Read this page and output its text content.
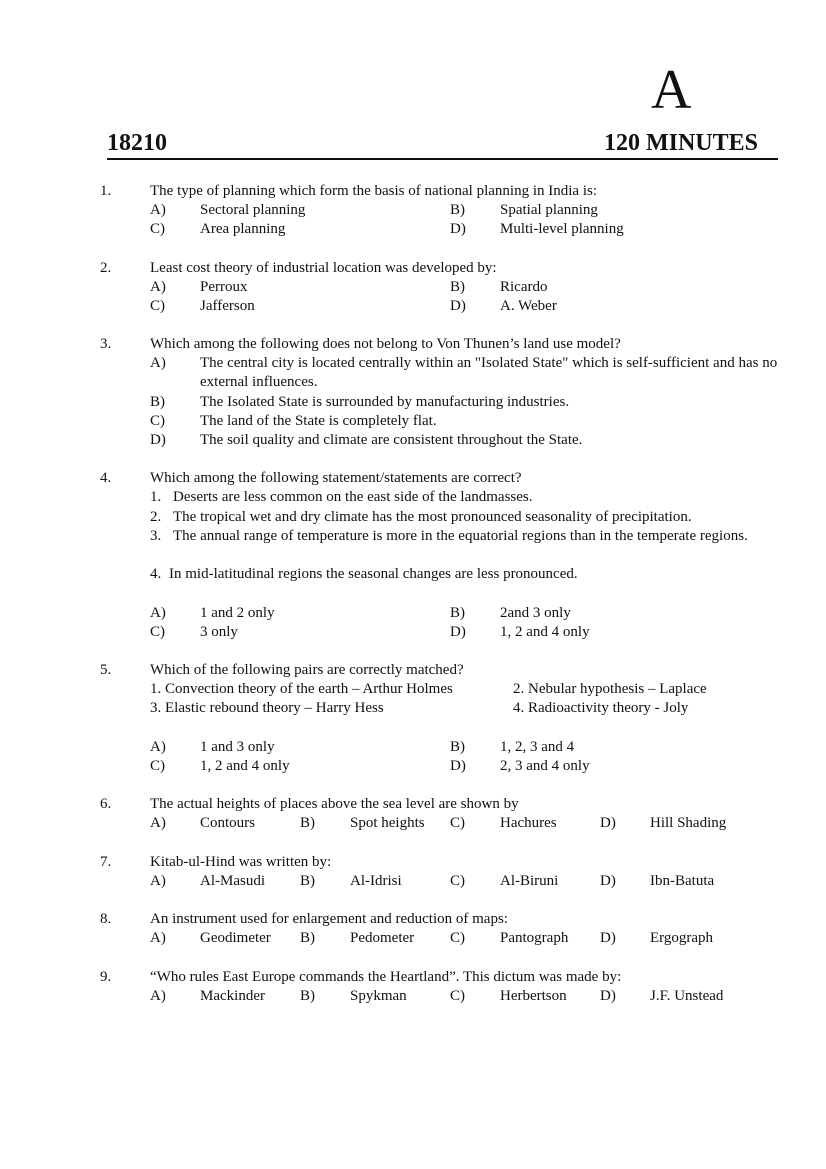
A
18210	120 MINUTES
1.	The type of planning which form the basis of national planning in India is:
A) Sectoral planning	B) Spatial planning
C) Area planning	D) Multi-level planning
2.	Least cost theory of industrial location was developed by:
A) Perroux	B) Ricardo
C) Jafferson	D) A. Weber
3.	Which among the following does not belong to Von Thunen’s land use model?
A) The central city is located centrally within an "Isolated State" which is self-sufficient and has no external influences.
B) The Isolated State is surrounded by manufacturing industries.
C) The land of the State is completely flat.
D) The soil quality and climate are consistent throughout the State.
4.	Which among the following statement/statements are correct?
1. Deserts are less common on the east side of the landmasses.
2. The tropical wet and dry climate has the most pronounced seasonality of precipitation.
3. The annual range of temperature is more in the equatorial regions than in the temperate regions.
4. In mid-latitudinal regions the seasonal changes are less pronounced.
A) 1 and 2 only	B) 2and 3 only
C) 3 only	D) 1, 2 and 4 only
5.	Which of the following pairs are correctly matched?
1. Convection theory of the earth – Arthur Holmes	2. Nebular hypothesis – Laplace
3. Elastic rebound theory – Harry Hess	4. Radioactivity theory - Joly
A) 1 and 3 only	B) 1, 2, 3 and 4
C) 1, 2 and 4 only	D) 2, 3 and 4 only
6.	The actual heights of places above the sea level are shown by
A) Contours	B) Spot heights C) Hachures	D) Hill Shading
7.	Kitab-ul-Hind was written by:
A) Al-Masudi B) Al-Idrisi	C) Al-Biruni	D) Ibn-Batuta
8.	An instrument used for enlargement and reduction of maps:
A) Geodimeter B) Pedometer C) Pantograph D) Ergograph
9.	“Who rules East Europe commands the Heartland”. This dictum was made by:
A) Mackinder B) Spykman	C) Herbertson D) J.F. Unstead
